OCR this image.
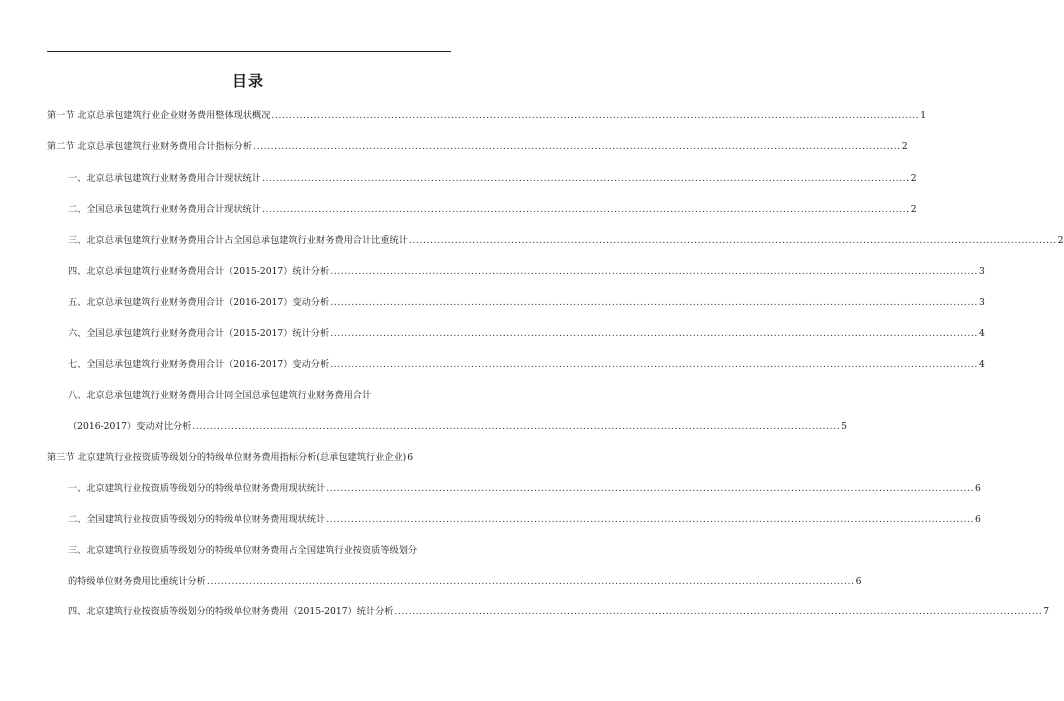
目录
第一节 北京总承包建筑行业企业财务费用整体现状概况 .....	1
第二节 北京总承包建筑行业财务费用合计指标分析 .....	2
一、北京总承包建筑行业财务费用合计现状统计 .....	2
二、全国总承包建筑行业财务费用合计现状统计 .....	2
三、北京总承包建筑行业财务费用合计占全国总承包建筑行业财务费用合计比重统计 .....	2
四、北京总承包建筑行业财务费用合计（2015-2017）统计分析 .....	3
五、北京总承包建筑行业财务费用合计（2016-2017）变动分析 .....	3
六、全国总承包建筑行业财务费用合计（2015-2017）统计分析 .....	4
七、全国总承包建筑行业财务费用合计（2016-2017）变动分析 .....	4
八、北京总承包建筑行业财务费用合计同全国总承包建筑行业财务费用合计
（2016-2017）变动对比分析 .....	5
第三节 北京建筑行业按资质等级划分的特级单位财务费用指标分析(总承包建筑行业企业) 6
一、北京建筑行业按资质等级划分的特级单位财务费用现状统计 .....	6
二、全国建筑行业按资质等级划分的特级单位财务费用现状统计 .....	6
三、北京建筑行业按资质等级划分的特级单位财务费用占全国建筑行业按资质等级划分
的特级单位财务费用比重统计分析 .....	6
四、北京建筑行业按资质等级划分的特级单位财务费用（2015-2017）统计分析 .....	7
